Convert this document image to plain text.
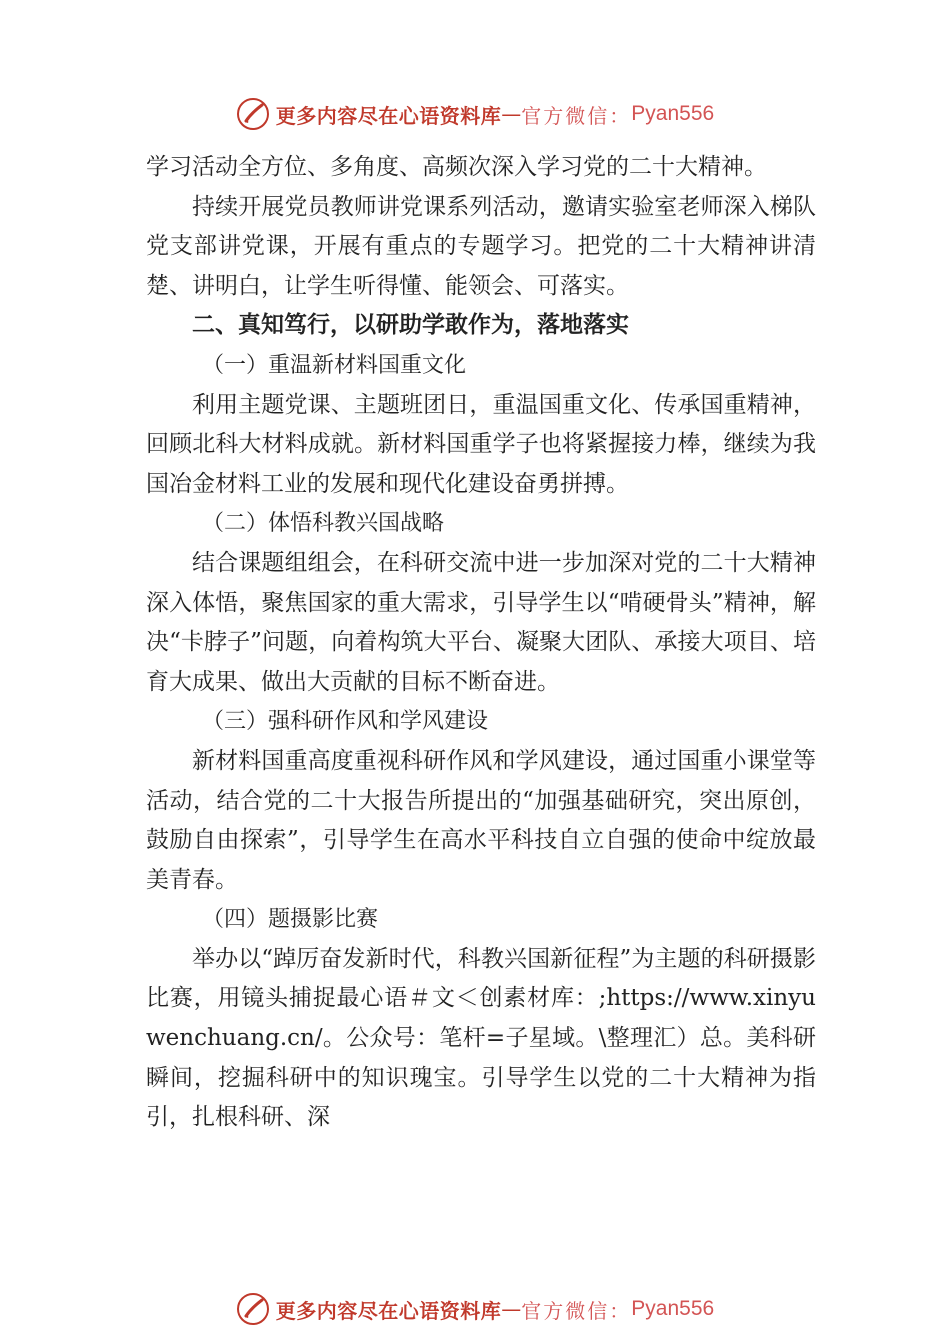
更多内容尽在心语资料库 — 官方微信： Pyan556

学习活动全方位、多角度、高频次深入学习党的二十大精神。

持续开展党员教师讲党课系列活动，邀请实验室老师深入梯队党支部讲党课，开展有重点的专题学习。把党的二十大精神讲清楚、讲明白，让学生听得懂、能领会、可落实。

二、真知笃行，以研助学敢作为，落地落实

（一）重温新材料国重文化

利用主题党课、主题班团日，重温国重文化、传承国重精神，回顾北科大材料成就。新材料国重学子也将紧握接力棒，继续为我国冶金材料工业的发展和现代化建设奋勇拼搏。

（二）体悟科教兴国战略

结合课题组组会，在科研交流中进一步加深对党的二十大精神深入体悟，聚焦国家的重大需求，引导学生以“啃硬骨头”精神，解决“卡脖子”问题，向着构筑大平台、凝聚大团队、承接大项目、培育大成果、做出大贡献的目标不断奋进。

（三）强科研作风和学风建设

新材料国重高度重视科研作风和学风建设，通过国重小课堂等活动，结合党的二十大报告所提出的“加强基础研究，突出原创，鼓励自由探索”，引导学生在高水平科技自立自强的使命中绽放最美青春。

（四）题摄影比赛

举办以“踔厉奋发新时代，科教兴国新征程”为主题的科研摄影比赛，用镜头捕捉最心语＃文＜创素材库：;https://www.xinyuwenchuang.cn/。公众号：笔杆=子星域。\整理汇）总。美科研瞬间，挖掘科研中的知识瑰宝。引导学生以党的二十大精神为指引，扎根科研、深

更多内容尽在心语资料库 — 官方微信： Pyan556
